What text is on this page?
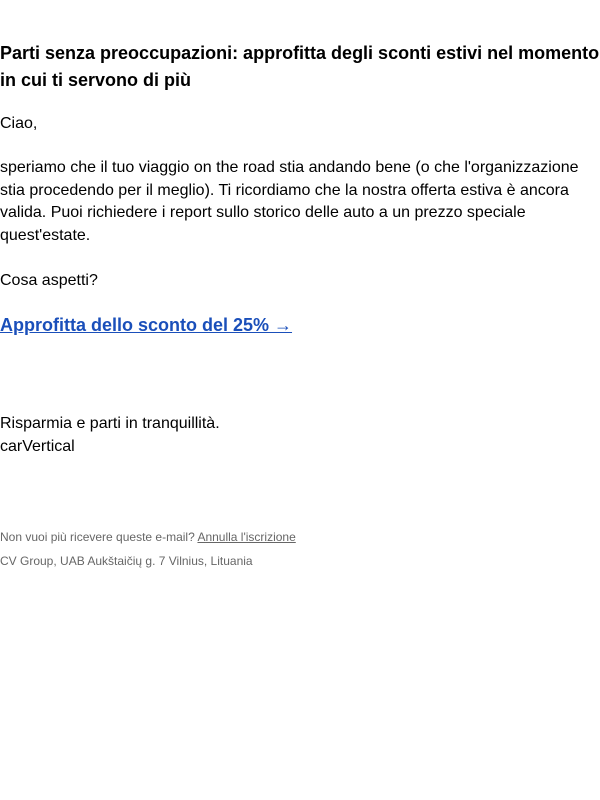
Parti senza preoccupazioni: approfitta degli sconti estivi nel momento in cui ti servono di più

Ciao,

speriamo che il tuo viaggio on the road stia andando bene (o che l'organizzazione stia procedendo per il meglio). Ti ricordiamo che la nostra offerta estiva è ancora valida. Puoi richiedere i report sullo storico delle auto a un prezzo speciale quest'estate.

Cosa aspetti?

Approfitta dello sconto del 25% →

Risparmia e parti in tranquillità.
carVertical

Non vuoi più ricevere queste e-mail? Annulla l'iscrizione

CV Group, UAB Aukštaičių g. 7 Vilnius, Lituania
